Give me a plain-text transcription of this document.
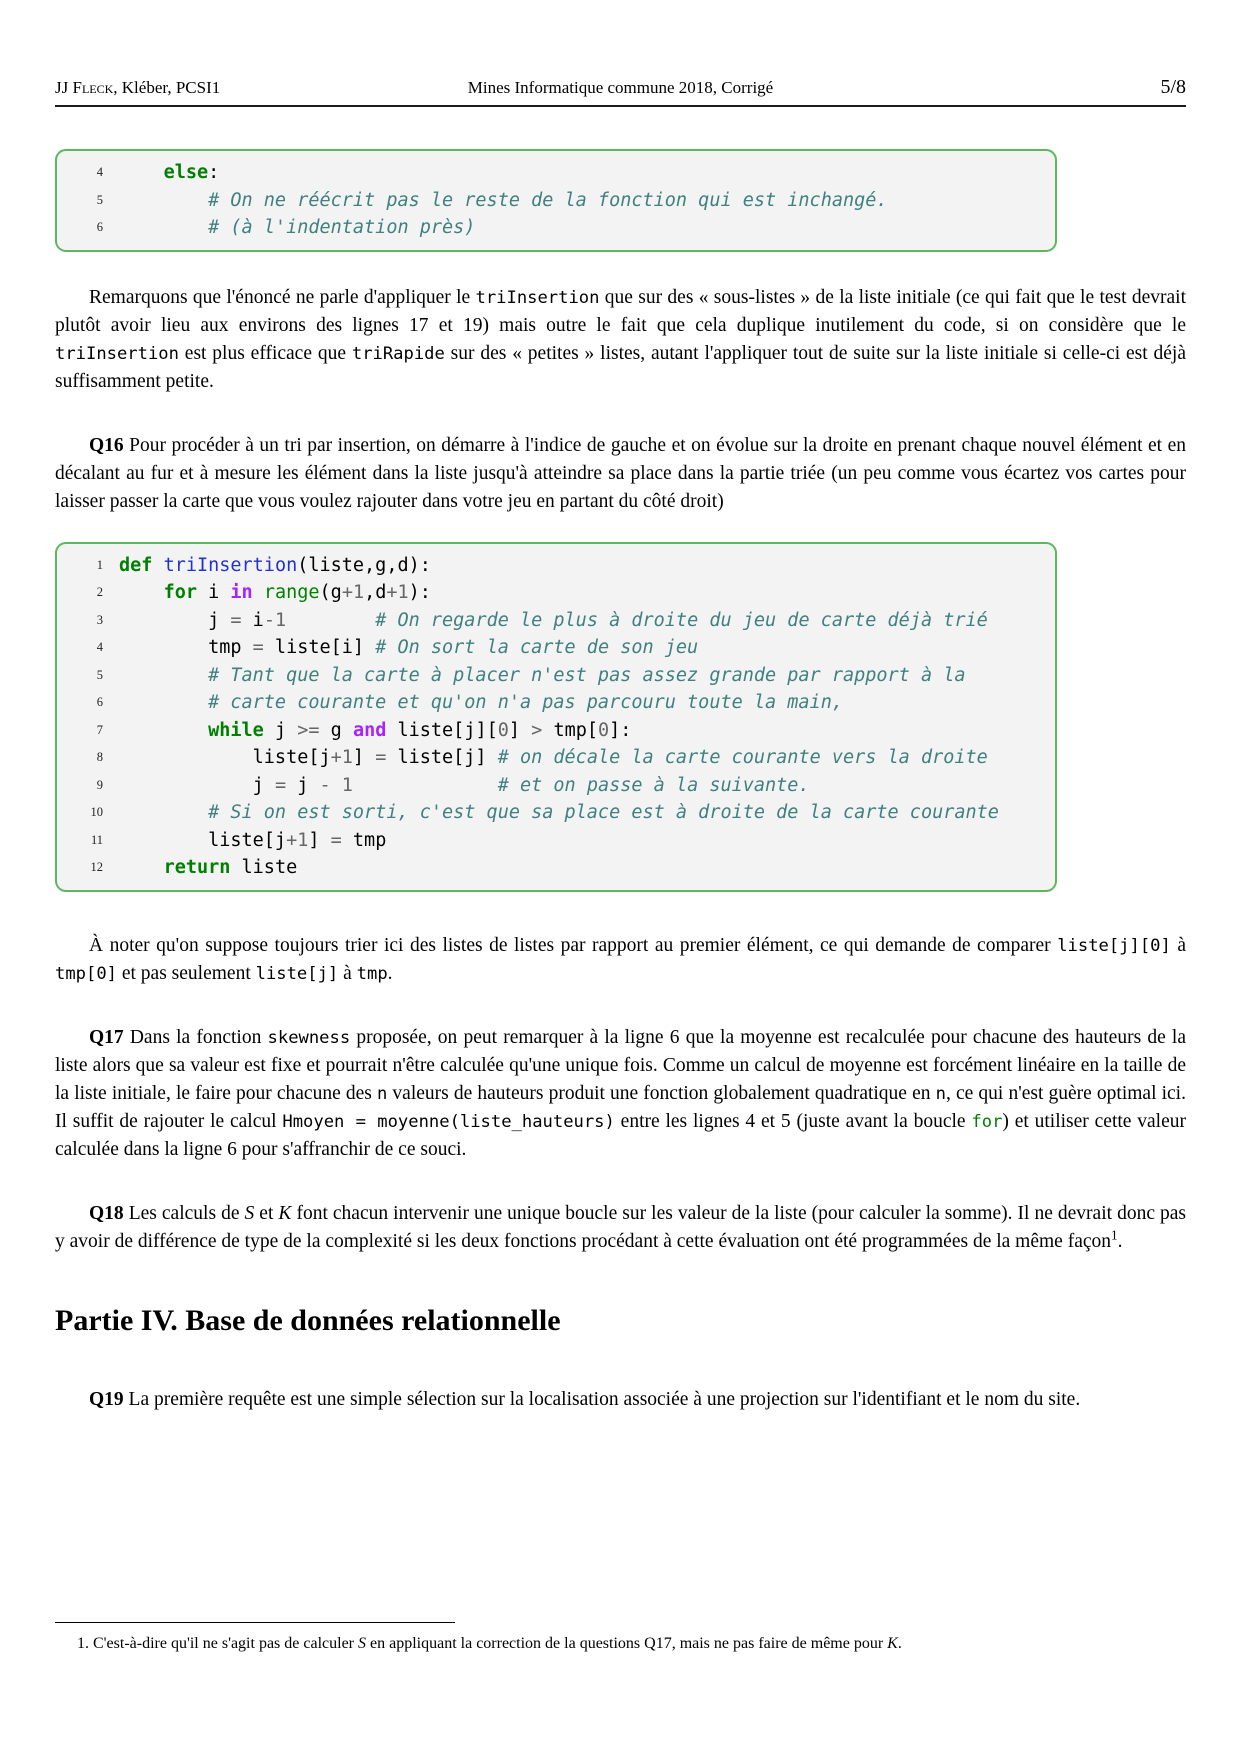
JJ Fleck, Kléber, PCSI1	Mines Informatique commune 2018, Corrigé	5/8
4	else:
5	# On ne réécrit pas le reste de la fonction qui est inchangé.
6	# (à l'indentation près)

Remarquons que l'énoncé ne parle d'appliquer le triInsertion que sur des « sous-listes » de la liste initiale (ce qui fait que le test devrait plutôt avoir lieu aux environs des lignes 17 et 19) mais outre le fait que cela duplique inutilement du code, si on considère que le triInsertion est plus efficace que triRapide sur des « petites » listes, autant l'appliquer tout de suite sur la liste initiale si celle-ci est déjà suffisamment petite.

Q16 Pour procéder à un tri par insertion, on démarre à l'indice de gauche et on évolue sur la droite en prenant chaque nouvel élément et en décalant au fur et à mesure les élément dans la liste jusqu'à atteindre sa place dans la partie triée (un peu comme vous écartez vos cartes pour laisser passer la carte que vous voulez rajouter dans votre jeu en partant du côté droit)

1 def triInsertion(liste,g,d):
2	for i in range(g+1,d+1):
3 j = i-1	# On regarde le plus à droite du jeu de carte déjà trié
4 tmp = liste[i] # On sort la carte de son jeu
5	# Tant que la carte à placer n'est pas assez grande par rapport à la
6	# carte courante et qu'on n'a pas parcouru toute la main,
7	while j >= g and liste[j][0] > tmp[0]:
8 liste[j+1] = liste[j] # on décale la carte courante vers la droite
9 j = j - 1	# et on passe à la suivante.
10	# Si on est sorti, c'est que sa place est à droite de la carte courante
11 liste[j+1] = tmp
12	return liste

À noter qu'on suppose toujours trier ici des listes de listes par rapport au premier élément, ce qui demande de comparer liste[j][0] à tmp[0] et pas seulement liste[j] à tmp.

Q17 Dans la fonction skewness proposée, on peut remarquer à la ligne 6 que la moyenne est recalculée pour chacune des hauteurs de la liste alors que sa valeur est fixe et pourrait n'être calculée qu'une unique fois. Comme un calcul de moyenne est forcément linéaire en la taille de la liste initiale, le faire pour chacune des n valeurs de hauteurs produit une fonction globalement quadratique en n, ce qui n'est guère optimal ici. Il suffit de rajouter le calcul Hmoyen = moyenne(liste_hauteurs) entre les lignes 4 et 5 (juste avant la boucle for) et utiliser cette valeur calculée dans la ligne 6 pour s'affranchir de ce souci.

Q18 Les calculs de S et K font chacun intervenir une unique boucle sur les valeur de la liste (pour calculer la somme). Il ne devrait donc pas y avoir de différence de type de la complexité si les deux fonctions procédant à cette évaluation ont été programmées de la même façon$^1$.

Partie IV. Base de données relationnelle

Q19 La première requête est une simple sélection sur la localisation associée à une projection sur l'identifiant et le nom du site.

1. C'est-à-dire qu'il ne s'agit pas de calculer S en appliquant la correction de la questions Q17, mais ne pas faire de même pour K.
